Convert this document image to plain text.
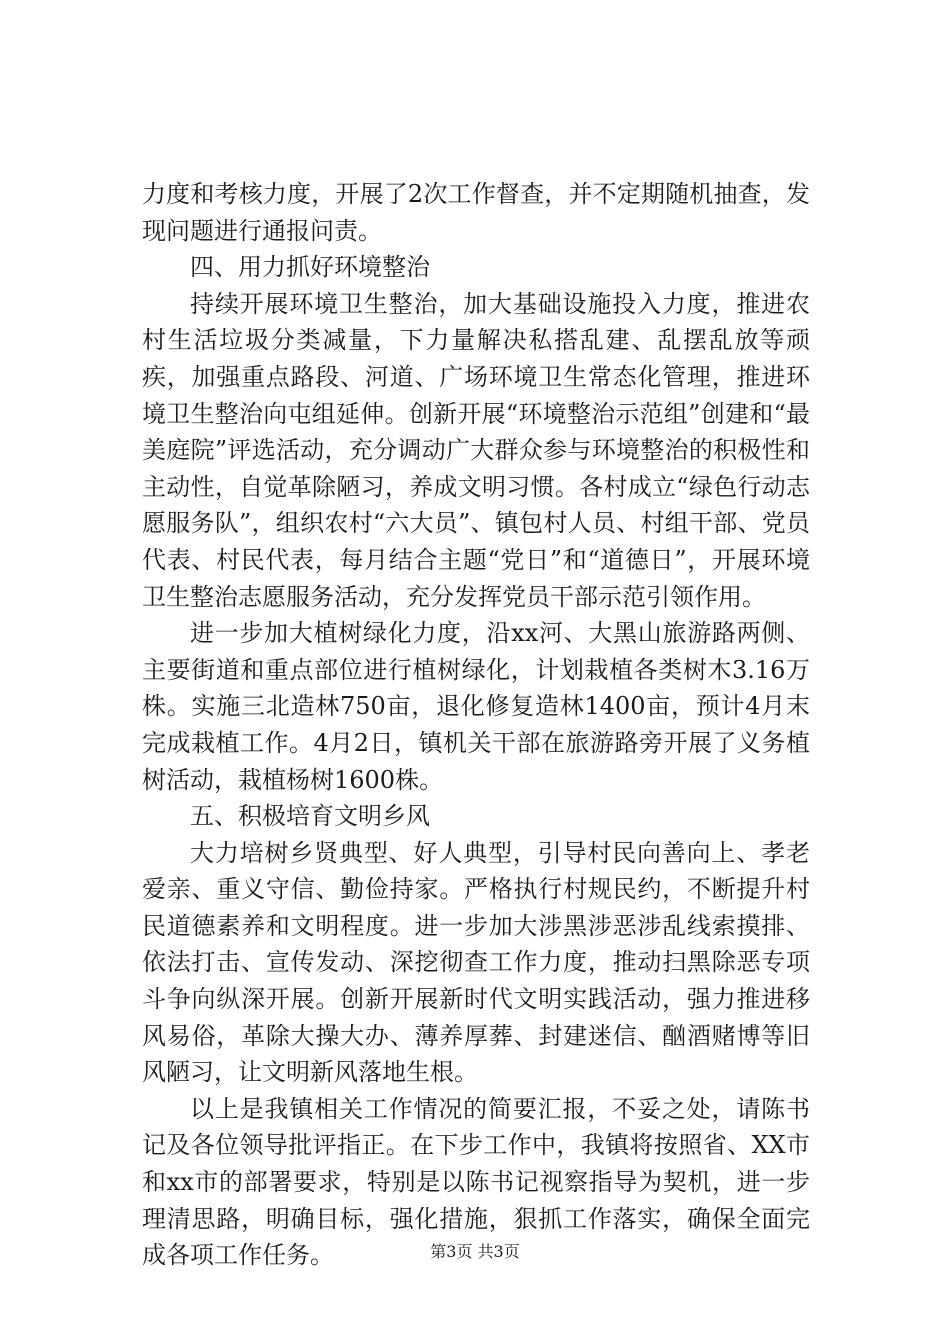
力度和考核力度，开展了2次工作督查，并不定期随机抽查，发现问题进行通报问责。

四、用力抓好环境整治

持续开展环境卫生整治，加大基础设施投入力度，推进农村生活垃圾分类减量，下力量解决私搭乱建、乱摆乱放等顽疾，加强重点路段、河道、广场环境卫生常态化管理，推进环境卫生整治向屯组延伸。创新开展“环境整治示范组”创建和“最美庭院”评选活动，充分调动广大群众参与环境整治的积极性和主动性，自觉革除陋习，养成文明习惯。各村成立“绿色行动志愿服务队”，组织农村“六大员”、镇包村人员、村组干部、党员代表、村民代表，每月结合主题“党日”和“道德日”，开展环境卫生整治志愿服务活动，充分发挥党员干部示范引领作用。

进一步加大植树绿化力度，沿xx河、大黑山旅游路两侧、主要街道和重点部位进行植树绿化，计划栽植各类树木3.16万株。实施三北造林750亩，退化修复造林1400亩，预计4月末完成栽植工作。4月2日，镇机关干部在旅游路旁开展了义务植树活动，栽植杨树1600株。

五、积极培育文明乡风

大力培树乡贤典型、好人典型，引导村民向善向上、孝老爱亲、重义守信、勤俭持家。严格执行村规民约，不断提升村民道德素养和文明程度。进一步加大涉黑涉恶涉乱线索摸排、依法打击、宣传发动、深挖彻查工作力度，推动扫黑除恶专项斗争向纵深开展。创新开展新时代文明实践活动，强力推进移风易俗，革除大操大办、薄养厚葬、封建迷信、酗酒赌博等旧风陋习，让文明新风落地生根。

以上是我镇相关工作情况的简要汇报，不妥之处，请陈书记及各位领导批评指正。在下步工作中，我镇将按照省、XX市和xx市的部署要求，特别是以陈书记视察指导为契机，进一步理清思路，明确目标，强化措施，狠抓工作落实，确保全面完成各项工作任务。	第3页 共3页
